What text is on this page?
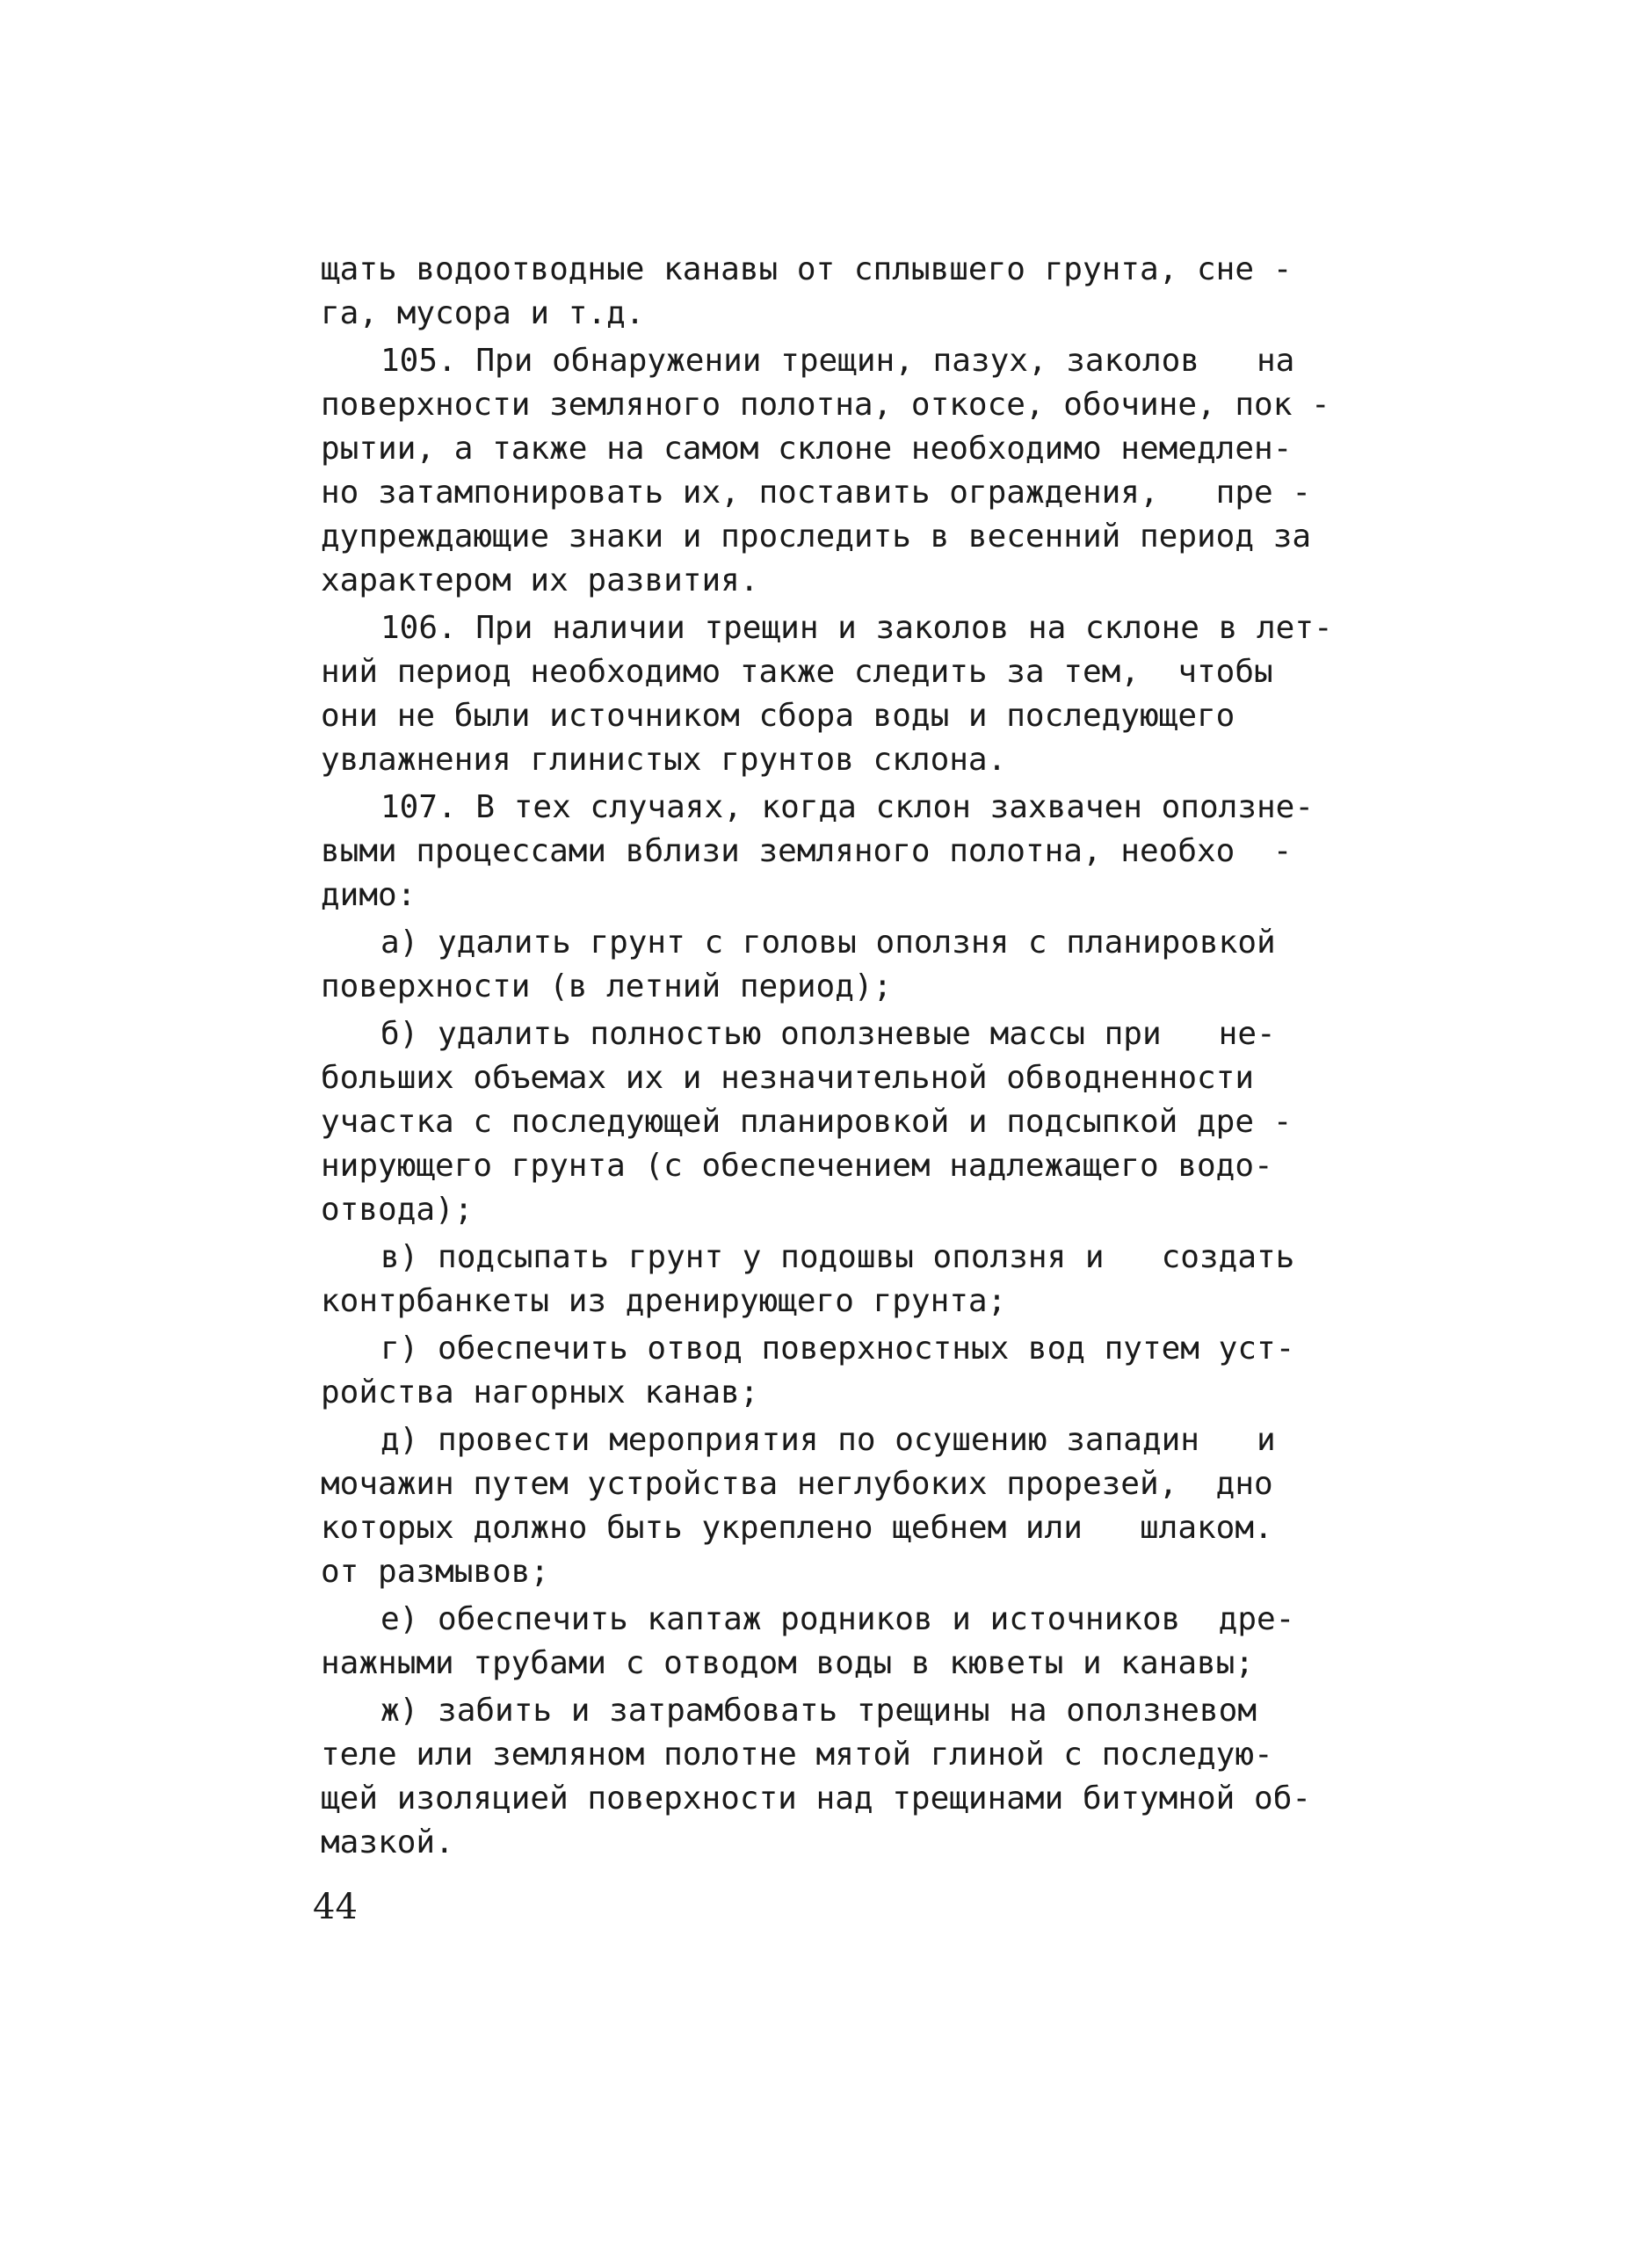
щать водоотводные канавы от сплывшего грунта, сне -
га, мусора и т.д.
105. При обнаружении трещин, пазух, заколов   на
поверхности земляного полотна, откосе, обочине, пок -
рытии, а также на самом склоне необходимо немедлен-
но затампонировать их, поставить ограждения,   пре -
дупреждающие знаки и проследить в весенний период за
характером их развития.
106. При наличии трещин и заколов на склоне в лет-
ний период необходимо также следить за тем,  чтобы
они не были источником сбора воды и последующего
увлажнения глинистых грунтов склона.
107. В тех случаях, когда склон захвачен оползне-
выми процессами вблизи земляного полотна, необхо  -
димо:
а) удалить грунт с головы оползня с планировкой
поверхности (в летний период);
б) удалить полностью оползневые массы при   не-
больших объемах их и незначительной обводненности
участка с последующей планировкой и подсыпкой дре -
нирующего грунта (с обеспечением надлежащего водо-
отвода);
в) подсыпать грунт у подошвы оползня и   создать
контрбанкеты из дренирующего грунта;
г) обеспечить отвод поверхностных вод путем уст-
ройства нагорных канав;
д) провести мероприятия по осушению западин   и
мочажин путем устройства неглубоких прорезей,  дно
которых должно быть укреплено щебнем или   шлаком.
от размывов;
е) обеспечить каптаж родников и источников  дре-
нажными трубами с отводом воды в кюветы и канавы;
ж) забить и затрамбовать трещины на оползневом
теле или земляном полотне мятой глиной с последую-
щей изоляцией поверхности над трещинами битумной об-
мазкой.
44
